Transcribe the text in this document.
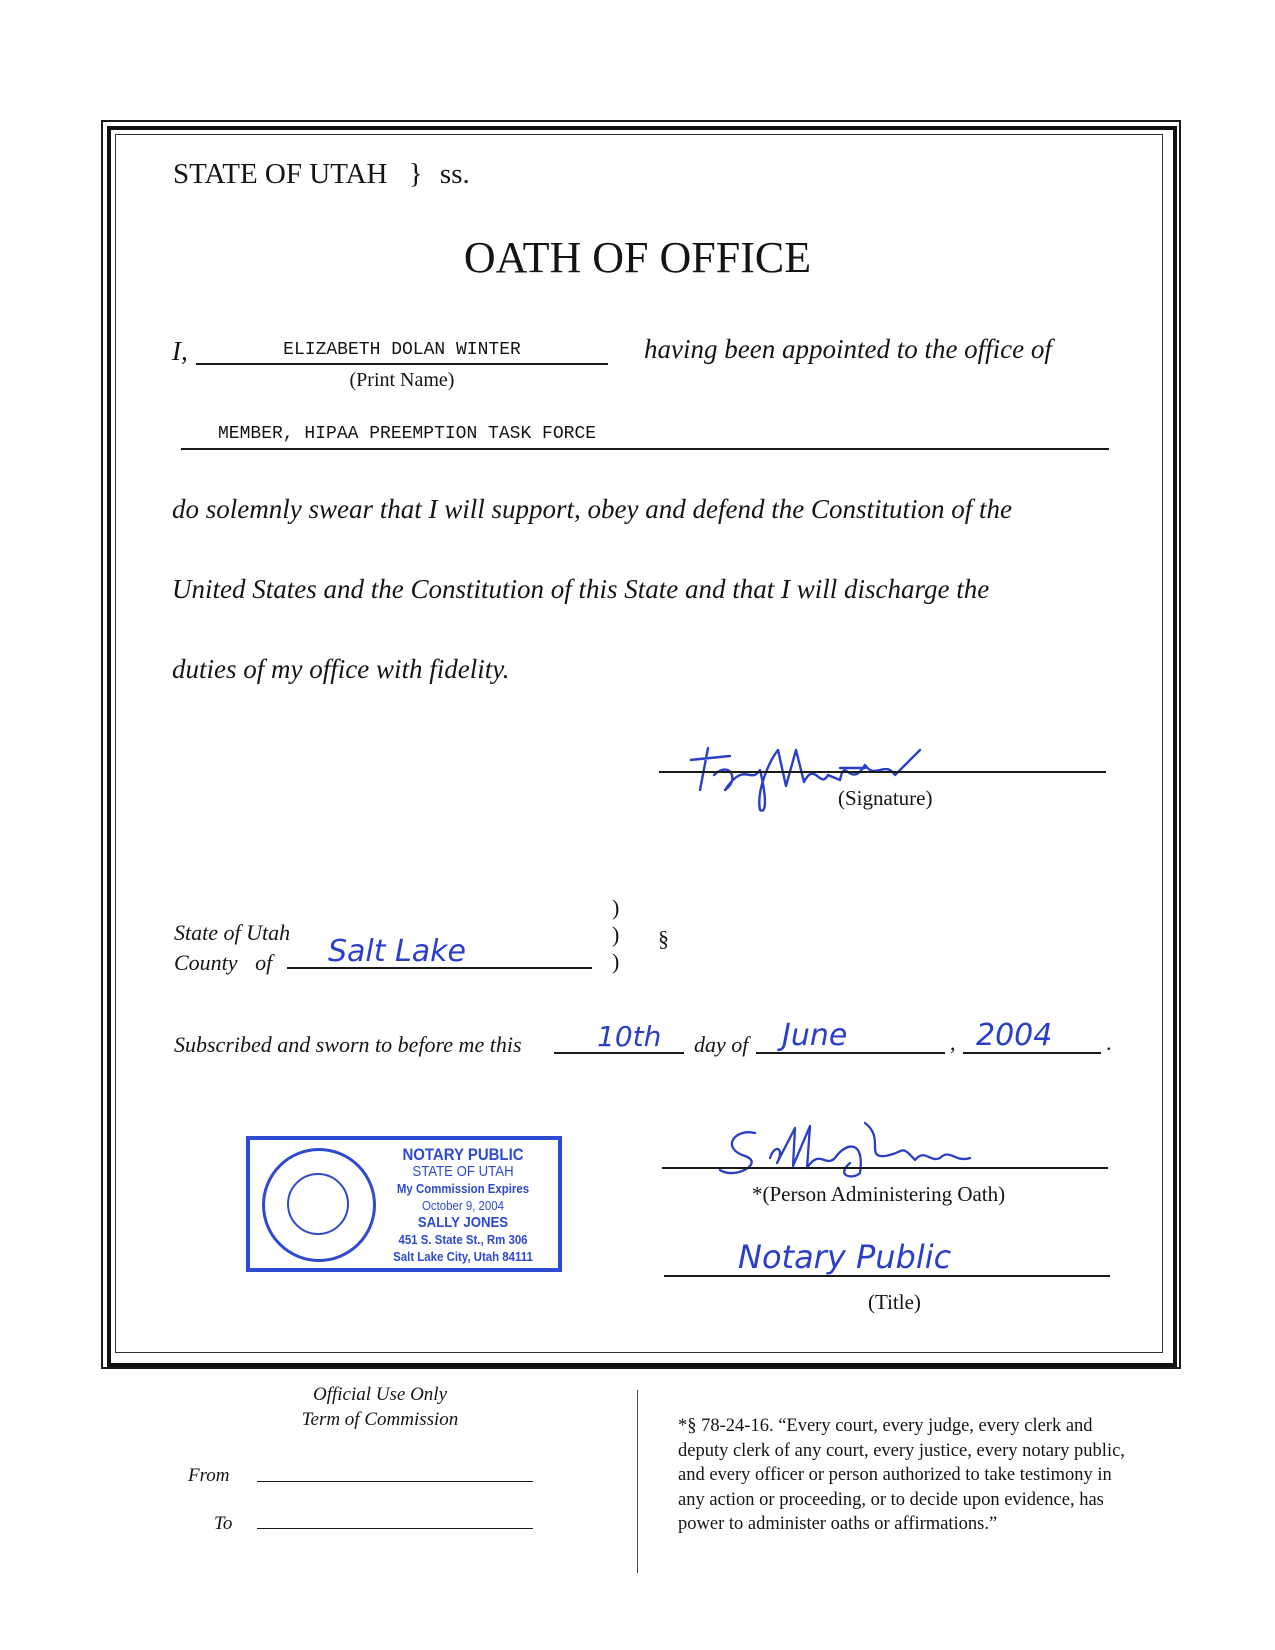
STATE OF UTAH } ss.
OATH OF OFFICE
I,	ELIZABETH DOLAN WINTER
(Print Name)
having been appointed to the office of
MEMBER, HIPAA PREEMPTION TASK FORCE
do solemnly swear that I will support, obey and defend the Constitution of the
United States and the Constitution of this State and that I will discharge the
duties of my office with fidelity.
(Signature)
State of Utah
County of Salt Lake
)
)
)
§
Subscribed and sworn to before me this	10th day of June	, 2004 .
NOTARY PUBLIC
STATE OF UTAH
My Commission Expires
October 9, 2004
SALLY JONES
451 S. State St., Rm 306
Salt Lake City, Utah 84111
*(Person Administering Oath)
Notary Public
(Title)
Official Use Only
Term of Commission
From
To
*§ 78-24-16. “Every court, every judge, every clerk and
deputy clerk of any court, every justice, every notary public,
and every officer or person authorized to take testimony in
any action or proceeding, or to decide upon evidence, has
power to administer oaths or affirmations.”
